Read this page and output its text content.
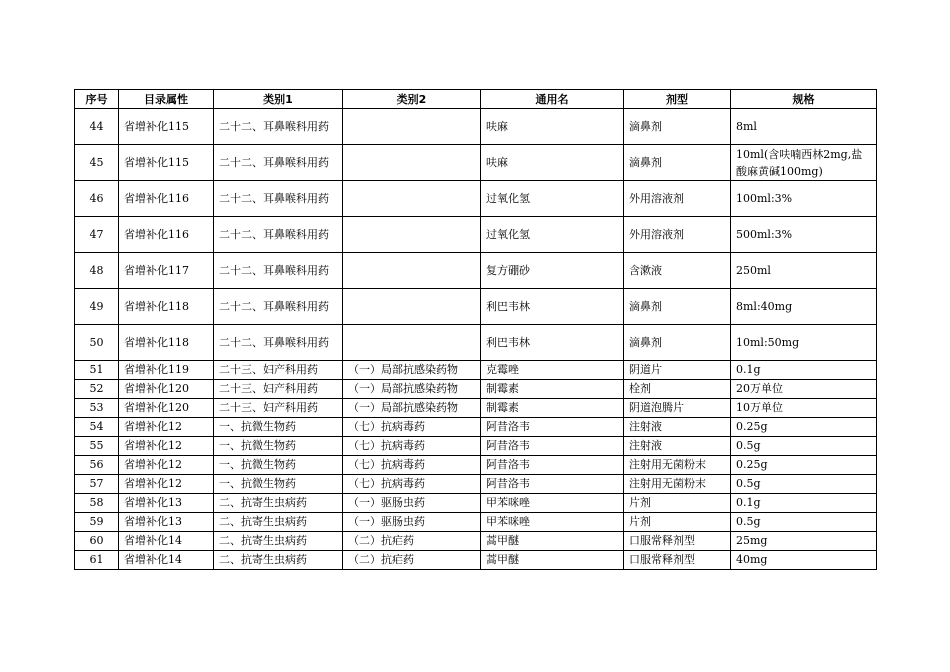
序号	目录属性	类别1	类别2	通用名	剂型	规格
44	省增补化115	二十二、耳鼻喉科用药		呋麻	滴鼻剂	8ml
45	省增补化115	二十二、耳鼻喉科用药		呋麻	滴鼻剂	10ml(含呋喃西林2mg,盐酸麻黄碱100mg)
46	省增补化116	二十二、耳鼻喉科用药		过氧化氢	外用溶液剂	100ml:3%
47	省增补化116	二十二、耳鼻喉科用药		过氧化氢	外用溶液剂	500ml:3%
48	省增补化117	二十二、耳鼻喉科用药		复方硼砂	含漱液	250ml
49	省增补化118	二十二、耳鼻喉科用药		利巴韦林	滴鼻剂	8ml:40mg
50	省增补化118	二十二、耳鼻喉科用药		利巴韦林	滴鼻剂	10ml:50mg
51	省增补化119	二十三、妇产科用药	（一）局部抗感染药物	克霉唑	阴道片	0.1g
52	省增补化120	二十三、妇产科用药	（一）局部抗感染药物	制霉素	栓剂	20万单位
53	省增补化120	二十三、妇产科用药	（一）局部抗感染药物	制霉素	阴道泡腾片	10万单位
54	省增补化12	一、抗微生物药	（七）抗病毒药	阿昔洛韦	注射液	0.25g
55	省增补化12	一、抗微生物药	（七）抗病毒药	阿昔洛韦	注射液	0.5g
56	省增补化12	一、抗微生物药	（七）抗病毒药	阿昔洛韦	注射用无菌粉末	0.25g
57	省增补化12	一、抗微生物药	（七）抗病毒药	阿昔洛韦	注射用无菌粉末	0.5g
58	省增补化13	二、抗寄生虫病药	（一）驱肠虫药	甲苯咪唑	片剂	0.1g
59	省增补化13	二、抗寄生虫病药	（一）驱肠虫药	甲苯咪唑	片剂	0.5g
60	省增补化14	二、抗寄生虫病药	（二）抗疟药	蒿甲醚	口服常释剂型	25mg
61	省增补化14	二、抗寄生虫病药	（二）抗疟药	蒿甲醚	口服常释剂型	40mg
